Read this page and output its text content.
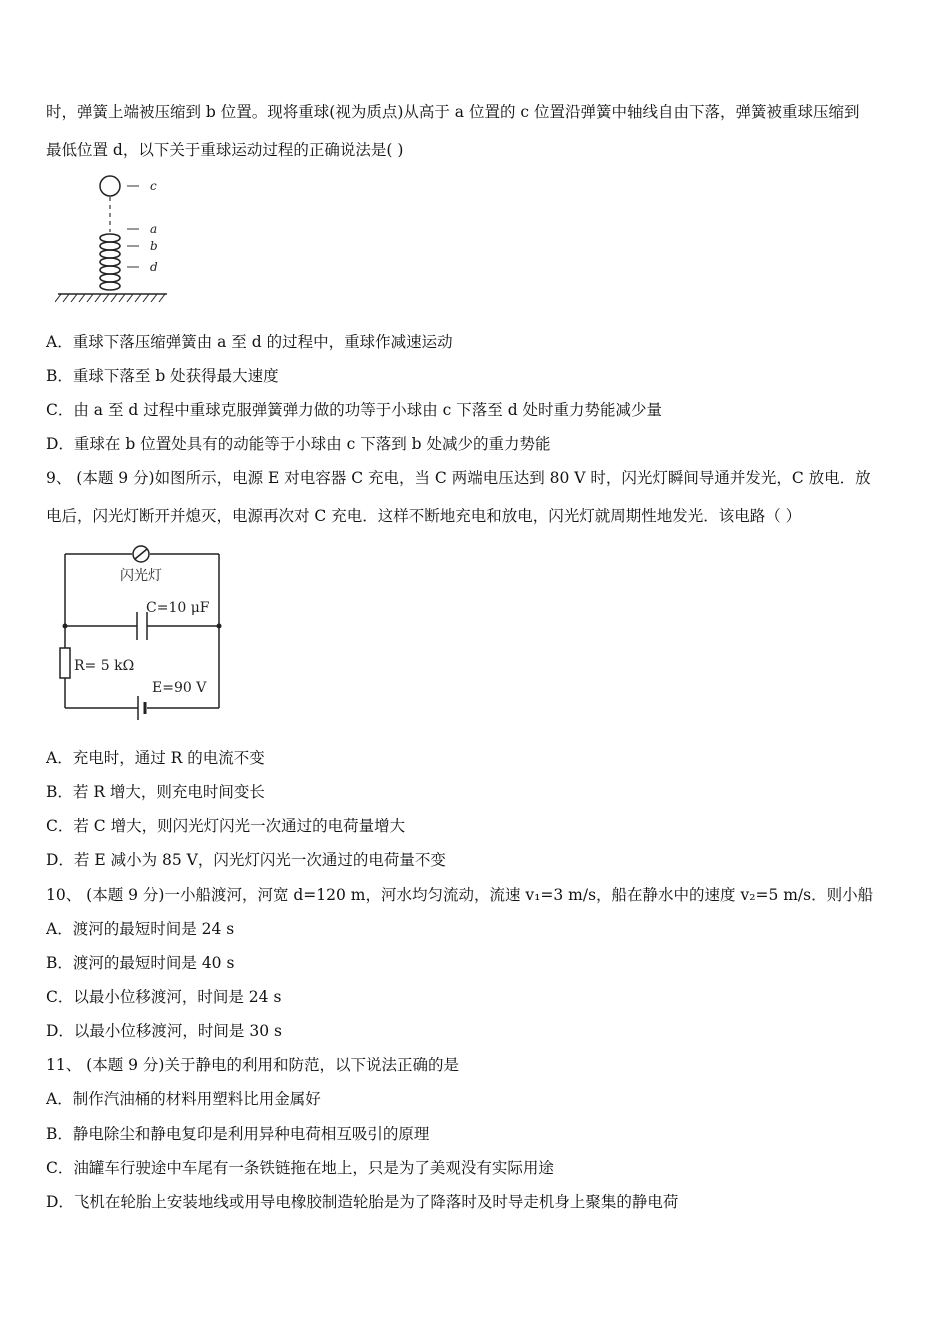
时，弹簧上端被压缩到 b 位置。现将重球(视为质点)从高于 a 位置的 c 位置沿弹簧中轴线自由下落，弹簧被重球压缩到
最低位置 d，以下关于重球运动过程的正确说法是( )
c
a
b
d
A．重球下落压缩弹簧由 a 至 d 的过程中，重球作减速运动
B．重球下落至 b 处获得最大速度
C．由 a 至 d 过程中重球克服弹簧弹力做的功等于小球由 c 下落至 d 处时重力势能减少量
D．重球在 b 位置处具有的动能等于小球由 c 下落到 b 处减少的重力势能
9、 (本题 9 分)如图所示，电源 E 对电容器 C 充电，当 C 两端电压达到 80 V 时，闪光灯瞬间导通并发光，C 放电．放
电后，闪光灯断开并熄灭，电源再次对 C 充电．这样不断地充电和放电，闪光灯就周期性地发光．该电路（ ）
闪光灯
C=10 μF
R= 5 kΩ
E=90 V
A．充电时，通过 R 的电流不变
B．若 R 增大，则充电时间变长
C．若 C 增大，则闪光灯闪光一次通过的电荷量增大
D．若 E 减小为 85 V，闪光灯闪光一次通过的电荷量不变
10、 (本题 9 分)一小船渡河，河宽 d=120 m，河水均匀流动，流速 v₁=3 m/s，船在静水中的速度 v₂=5 m/s．则小船
A．渡河的最短时间是 24 s
B．渡河的最短时间是 40 s
C．以最小位移渡河，时间是 24 s
D．以最小位移渡河，时间是 30 s
11、 (本题 9 分)关于静电的利用和防范，以下说法正确的是
A．制作汽油桶的材料用塑料比用金属好
B．静电除尘和静电复印是利用异种电荷相互吸引的原理
C．油罐车行驶途中车尾有一条铁链拖在地上，只是为了美观没有实际用途
D．飞机在轮胎上安装地线或用导电橡胶制造轮胎是为了降落时及时导走机身上聚集的静电荷
